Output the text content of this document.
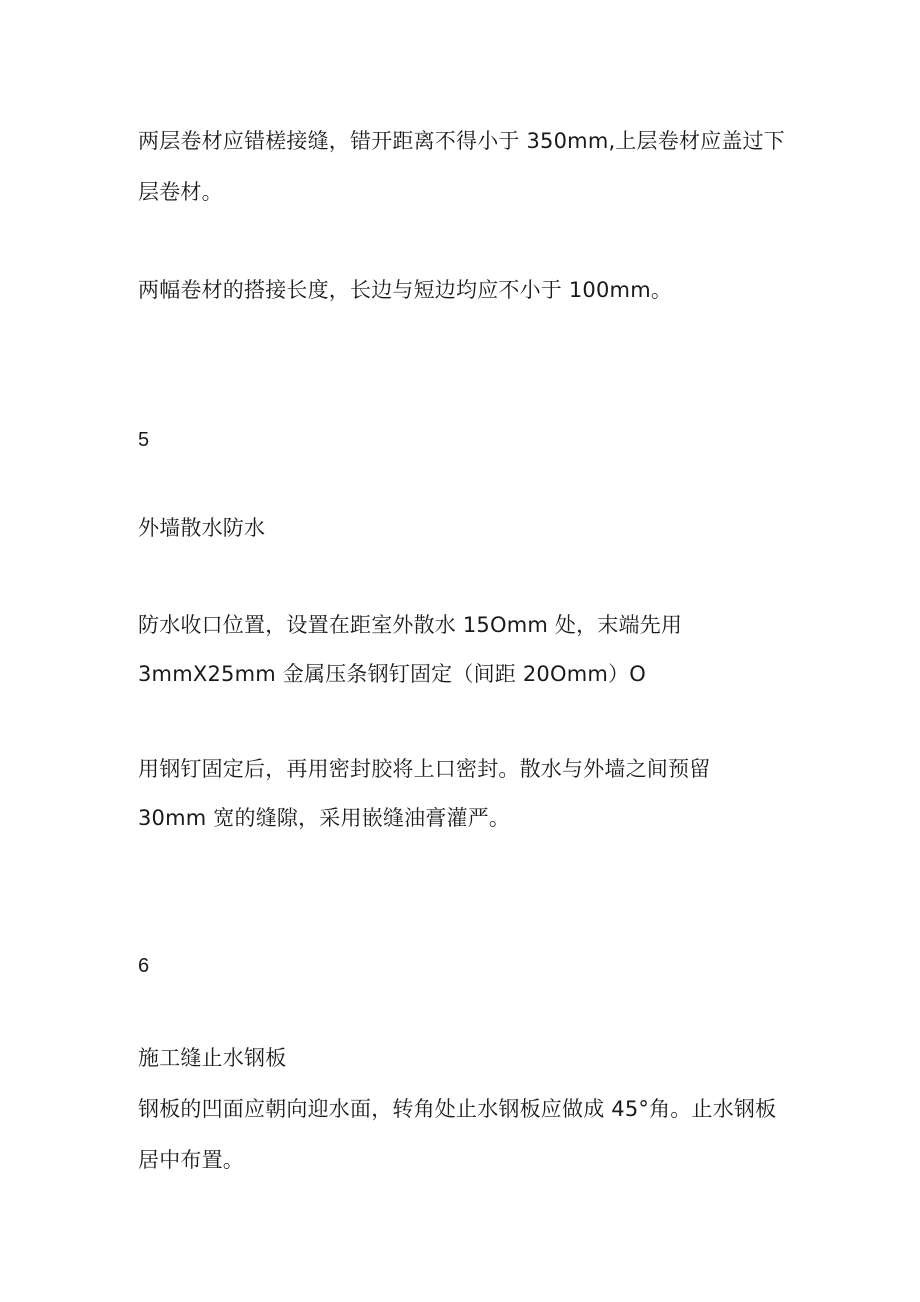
两层卷材应错槎接缝，错开距离不得小于 350mm,上层卷材应盖过下
层卷材。
两幅卷材的搭接长度，长边与短边均应不小于 100mm。
5
外墙散水防水
防水收口位置，设置在距室外散水 15Omm 处，末端先用
3mmX25mm 金属压条钢钉固定（间距 20Omm）O
用钢钉固定后，再用密封胶将上口密封。散水与外墙之间预留
30mm 宽的缝隙，采用嵌缝油膏灌严。
6
施工缝止水钢板
钢板的凹面应朝向迎水面，转角处止水钢板应做成 45°角。止水钢板
居中布置。
